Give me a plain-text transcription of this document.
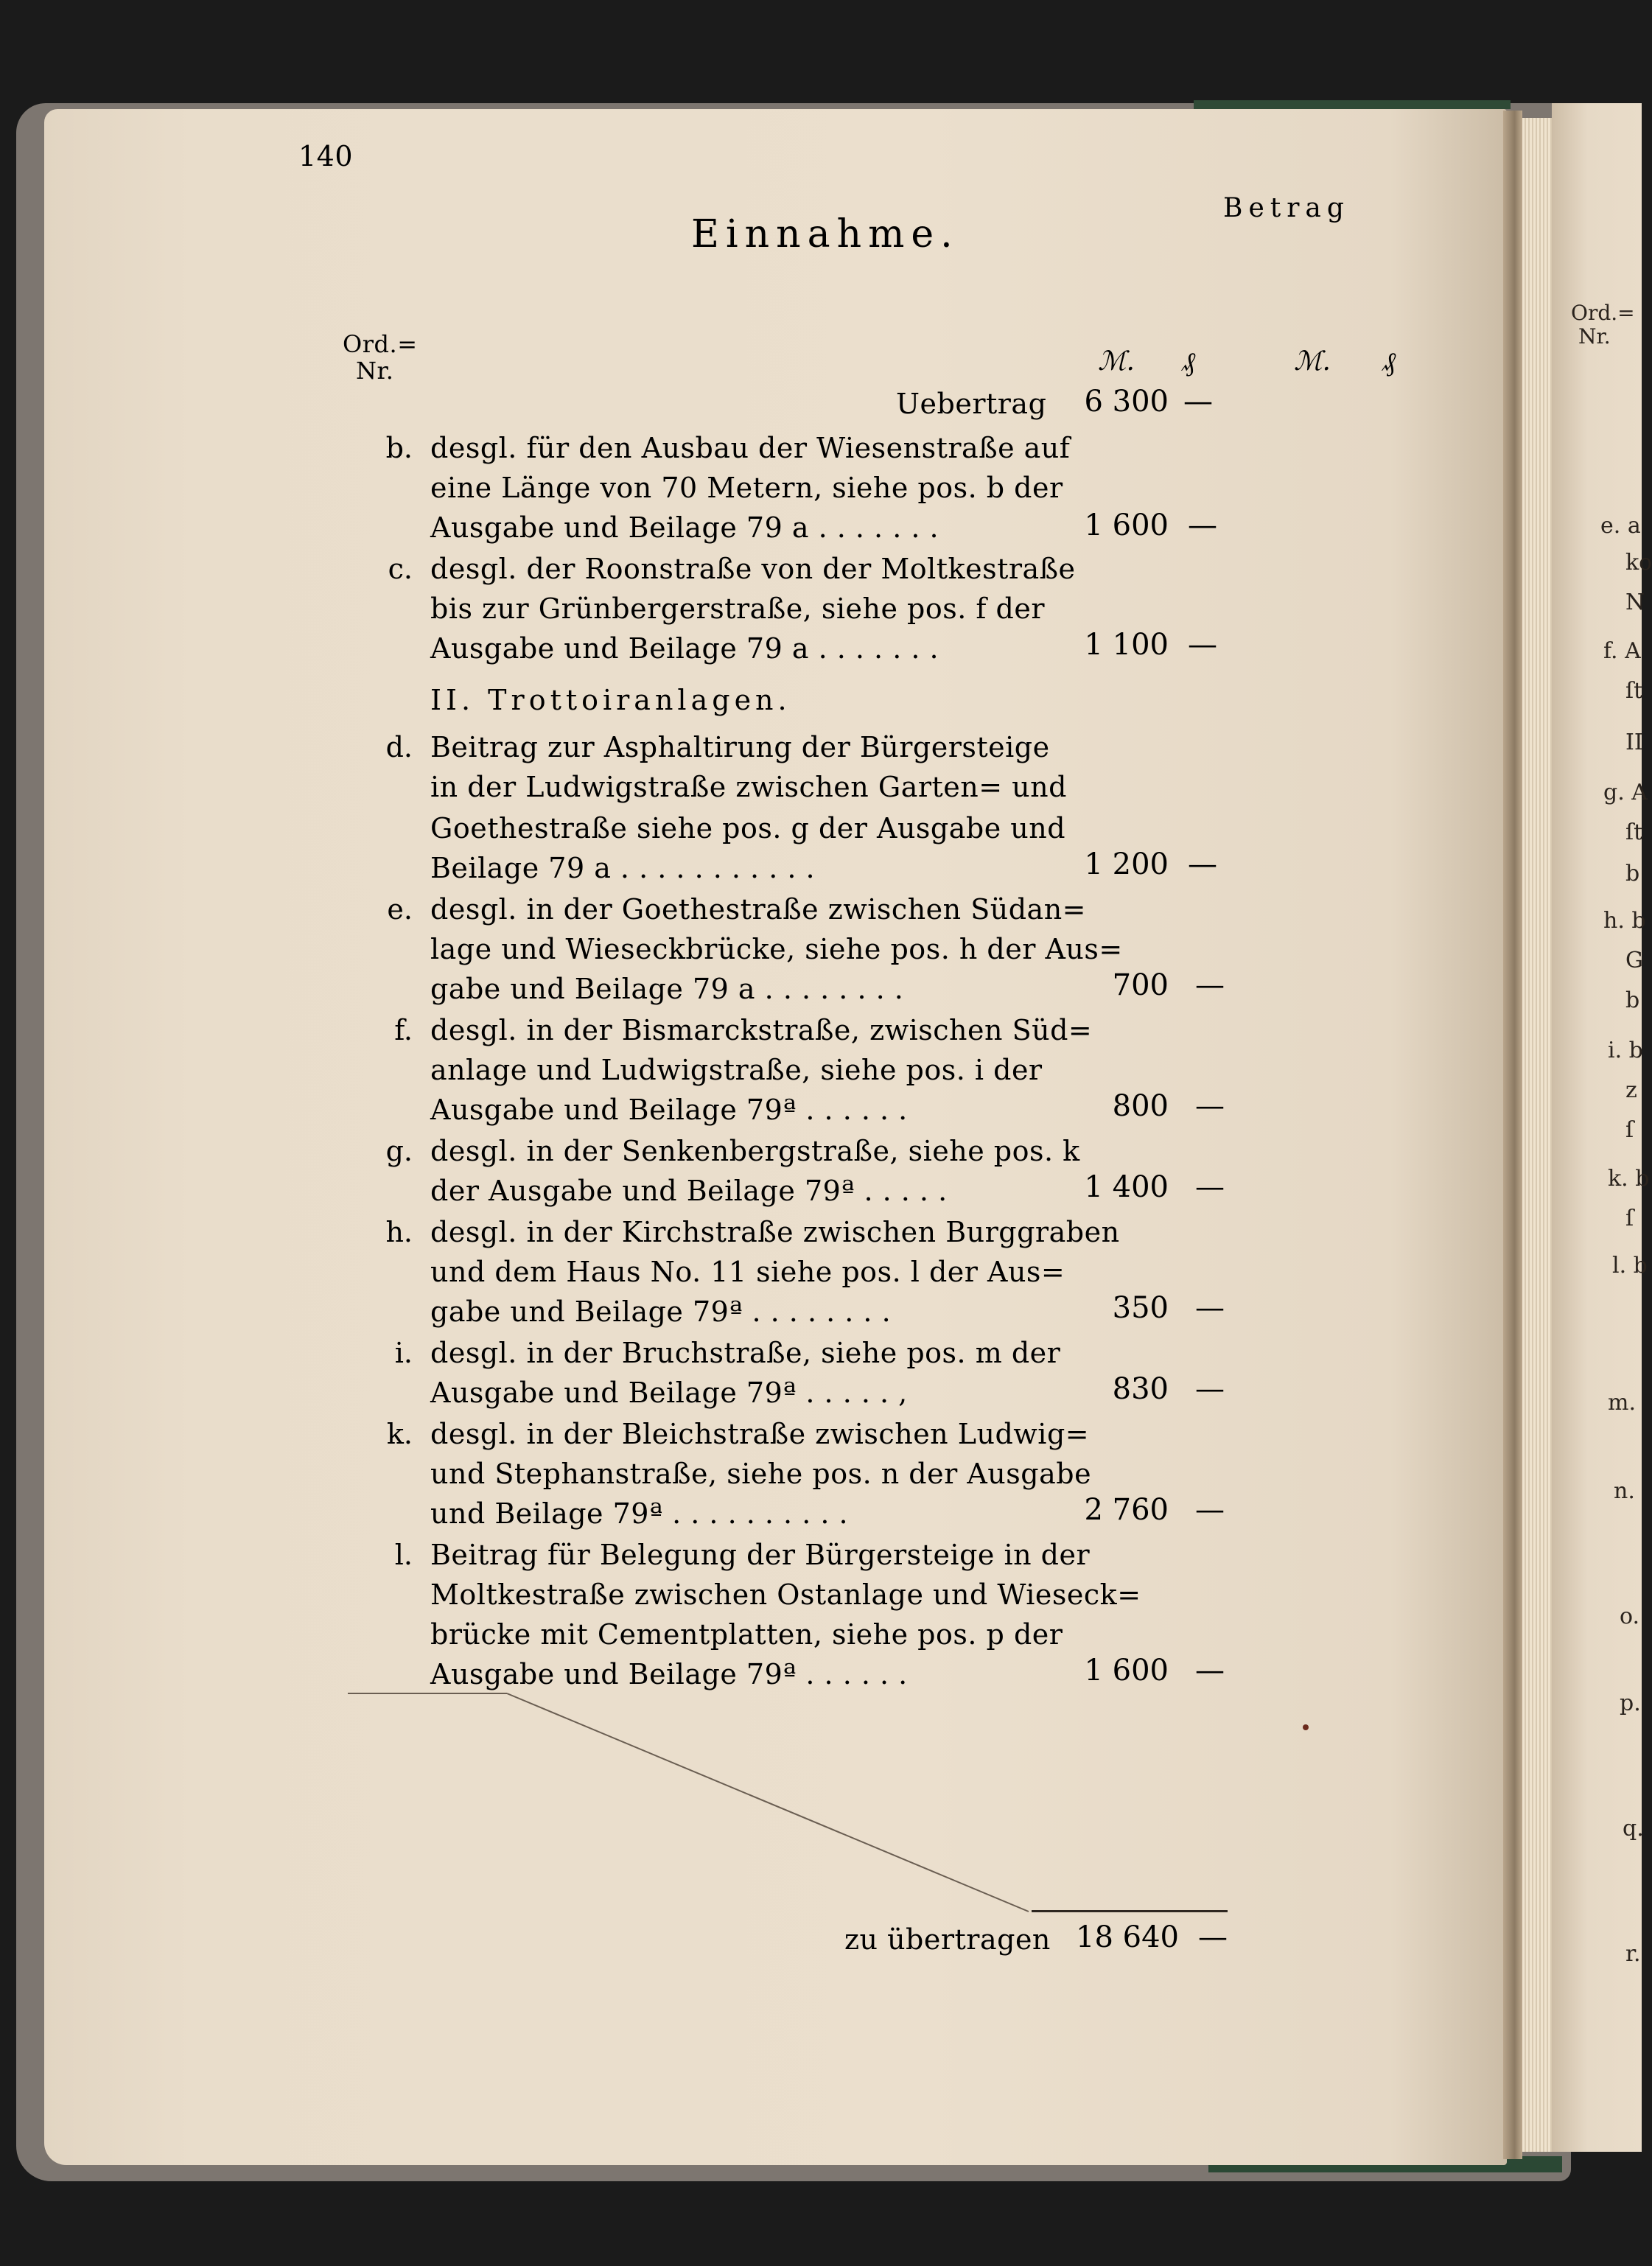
Ord.=
Nr.
e. a
ko
N
f. A
ſt
II
g. A
ſt
b
h. b
G
b
i. b
z
ſ
k. b
ſ
l. b
m.
n.
o.
p.
q.
r.
140
Ord.=
Nr.
Einnahme.
Betrag
ℳ. ₰	ℳ. ₰
Uebertrag	6 300 —
b. desgl. für den Ausbau der Wiesenstraße auf
eine Länge von 70 Metern, siehe pos. b der
Ausgabe und Beilage 79 a . . . . . . .	1 600 —
c. desgl. der Roonstraße von der Moltkestraße
bis zur Grünbergerstraße, siehe pos. f der
Ausgabe und Beilage 79 a . . . . . . .	1 100 —
II. Trottoiranlagen.
d. Beitrag zur Asphaltirung der Bürgersteige
in der Ludwigstraße zwischen Garten= und
Goethestraße siehe pos. g der Ausgabe und
Beilage 79 a . . . . . . . . . . .	1 200 —
e. desgl. in der Goethestraße zwischen Südan=
lage und Wieseckbrücke, siehe pos. h der Aus=
gabe und Beilage 79 a . . . . . . . .	700 —
f. desgl. in der Bismarckstraße, zwischen Süd=
anlage und Ludwigstraße, siehe pos. i der
Ausgabe und Beilage 79ª . . . . . .	800 —
g. desgl. in der Senkenbergstraße, siehe pos. k
der Ausgabe und Beilage 79ª . . . . .	1 400 —
h. desgl. in der Kirchstraße zwischen Burggraben
und dem Haus No. 11 siehe pos. l der Aus=
gabe und Beilage 79ª . . . . . . . .	350 —
i. desgl. in der Bruchstraße, siehe pos. m der
Ausgabe und Beilage 79ª . . . . . ,	830 —
k. desgl. in der Bleichstraße zwischen Ludwig=
und Stephanstraße, siehe pos. n der Ausgabe
und Beilage 79ª . . . . . . . . . .	2 760 —
l. Beitrag für Belegung der Bürgersteige in der
Moltkestraße zwischen Ostanlage und Wieseck=
brücke mit Cementplatten, siehe pos. p der
Ausgabe und Beilage 79ª . . . . . .	1 600 —
zu übertragen 18 640 —
